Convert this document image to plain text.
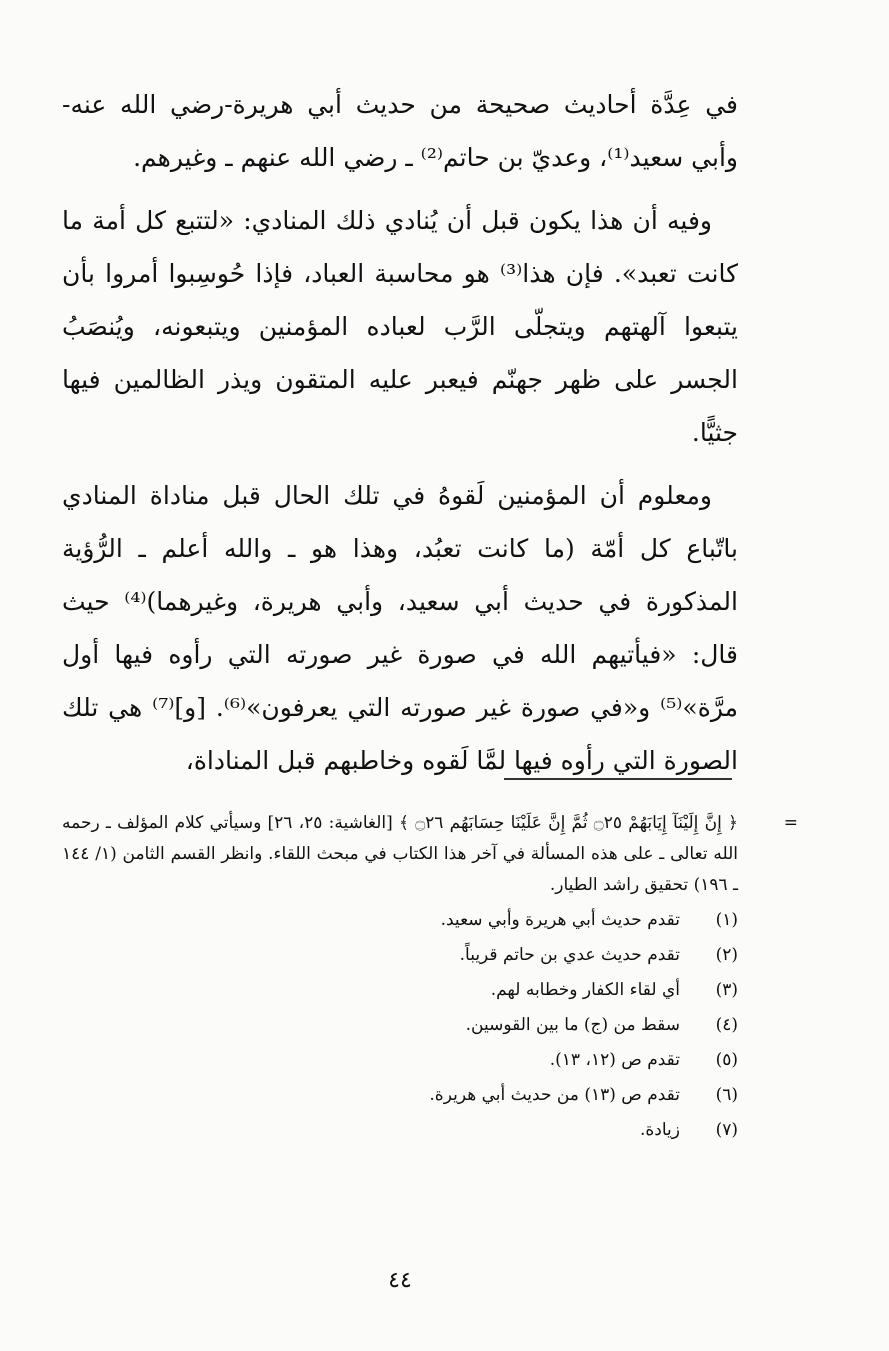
في عِدَّة أحاديث صحيحة من حديث أبي هريرة-رضي الله عنه- وأبي سعيد⁽¹⁾، وعديّ بن حاتم⁽²⁾ ـ رضي الله عنهم ـ وغيرهم.

وفيه أن هذا يكون قبل أن يُنادي ذلك المنادي: «لتتبع كل أمة ما كانت تعبد». فإن هذا⁽³⁾ هو محاسبة العباد، فإذا حُوسِبوا أمروا بأن يتبعوا آلهتهم ويتجلّى الرَّب لعباده المؤمنين ويتبعونه، ويُنصَبُ الجسر على ظهر جهنّم فيعبر عليه المتقون ويذر الظالمين فيها جثيًّا.

ومعلوم أن المؤمنين لَقوهُ في تلك الحال قبل مناداة المنادي باتّباع كل أمّة (ما كانت تعبُد، وهذا هو ـ والله أعلم ـ الرُّؤية المذكورة في حديث أبي سعيد، وأبي هريرة، وغيرهما)⁽⁴⁾ حيث قال: «فيأتيهم الله في صورة غير صورته التي رأوه فيها أول مرَّة»⁽⁵⁾ و«في صورة غير صورته التي يعرفون»⁽⁶⁾. [و]⁽⁷⁾ هي تلك الصورة التي رأوه فيها لمَّا لَقوه وخاطبهم قبل المناداة،

=
﴿ إِنَّ إِلَيْنَآ إِيَابَهُمْ ۝٢٥ ثُمَّ إِنَّ عَلَيْنَا حِسَابَهُم ۝٢٦ ﴾ [الغاشية: ٢٥، ٢٦] وسيأتي كلام المؤلف ـ رحمه الله تعالى ـ على هذه المسألة في آخر هذا الكتاب في مبحث اللقاء. وانظر القسم الثامن (١/ ١٤٤ ـ ١٩٦) تحقيق راشد الطيار.

(١)
تقدم حديث أبي هريرة وأبي سعيد.
(٢)
تقدم حديث عدي بن حاتم قريباً.
(٣)
أي لقاء الكفار وخطابه لهم.
(٤)
سقط من (ج) ما بين القوسين.
(٥)
تقدم ص (١٢، ١٣).
(٦)
تقدم ص (١٣) من حديث أبي هريرة.
(٧)
زيادة.
٤٤
